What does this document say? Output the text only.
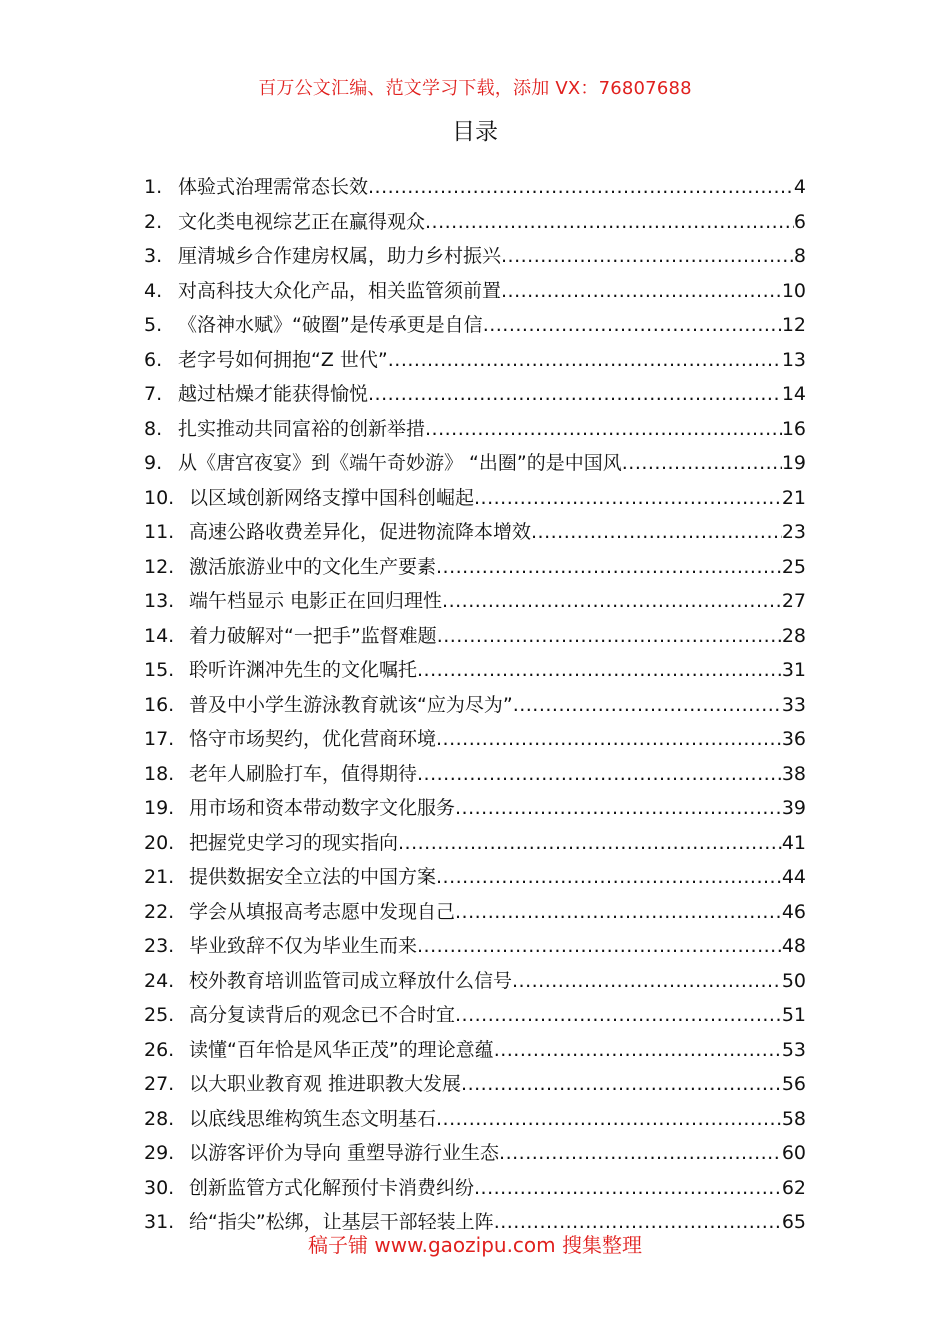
百万公文汇编、范文学习下载，添加 VX：76807688
目录
1. 体验式治理需常态长效 .....	4
2. 文化类电视综艺正在赢得观众 .....	6
3. 厘清城乡合作建房权属，助力乡村振兴 .....	8
4. 对高科技大众化产品，相关监管须前置 .....	10
5. 《洛神水赋》“破圈”是传承更是自信 .....	12
6. 老字号如何拥抱“Z 世代” .....	13
7. 越过枯燥才能获得愉悦 .....	14
8. 扎实推动共同富裕的创新举措 .....	16
9. 从《唐宫夜宴》到《端午奇妙游》 “出圈”的是中国风 .....	19
10. 以区域创新网络支撑中国科创崛起 .....	21
11. 高速公路收费差异化，促进物流降本增效 .....	23
12. 激活旅游业中的文化生产要素 .....	25
13. 端午档显示 电影正在回归理性 .....	27
14. 着力破解对“一把手”监督难题 .....	28
15. 聆听许渊冲先生的文化嘱托 .....	31
16. 普及中小学生游泳教育就该“应为尽为” .....	33
17. 恪守市场契约，优化营商环境 .....	36
18. 老年人刷脸打车，值得期待 .....	38
19. 用市场和资本带动数字文化服务 .....	39
20. 把握党史学习的现实指向 .....	41
21. 提供数据安全立法的中国方案 .....	44
22. 学会从填报高考志愿中发现自己 .....	46
23. 毕业致辞不仅为毕业生而来 .....	48
24. 校外教育培训监管司成立释放什么信号 .....	50
25. 高分复读背后的观念已不合时宜 .....	51
26. 读懂“百年恰是风华正茂”的理论意蕴 .....	53
27. 以大职业教育观 推进职教大发展 .....	56
28. 以底线思维构筑生态文明基石 .....	58
29. 以游客评价为导向 重塑导游行业生态 .....	60
30. 创新监管方式化解预付卡消费纠纷 .....	62
31. 给“指尖”松绑，让基层干部轻装上阵 .....	65
稿子铺 www.gaozipu.com 搜集整理
